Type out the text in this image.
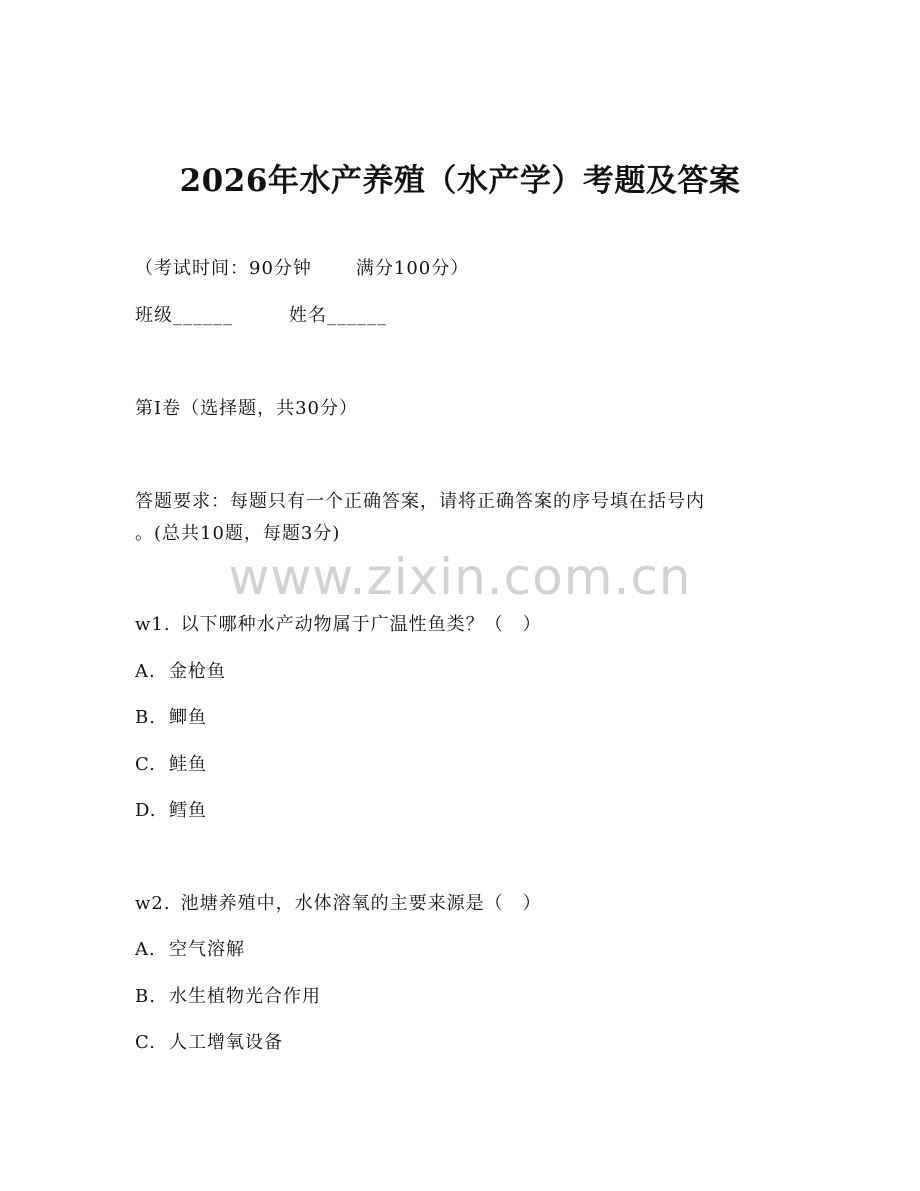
2026年水产养殖（水产学）考题及答案
（考试时间：90分钟 满分100分）
班级______	姓名______
第I卷（选择题，共30分）
答题要求：每题只有一个正确答案，请将正确答案的序号填在括号内
。(总共10题，每题3分)
www.zixin.com.cn
w1. 以下哪种水产动物属于广温性鱼类？（　）
A. 金枪鱼
B. 鲫鱼
C. 鲑鱼
D. 鳕鱼
w2. 池塘养殖中，水体溶氧的主要来源是（　）
A. 空气溶解
B. 水生植物光合作用
C. 人工增氧设备
